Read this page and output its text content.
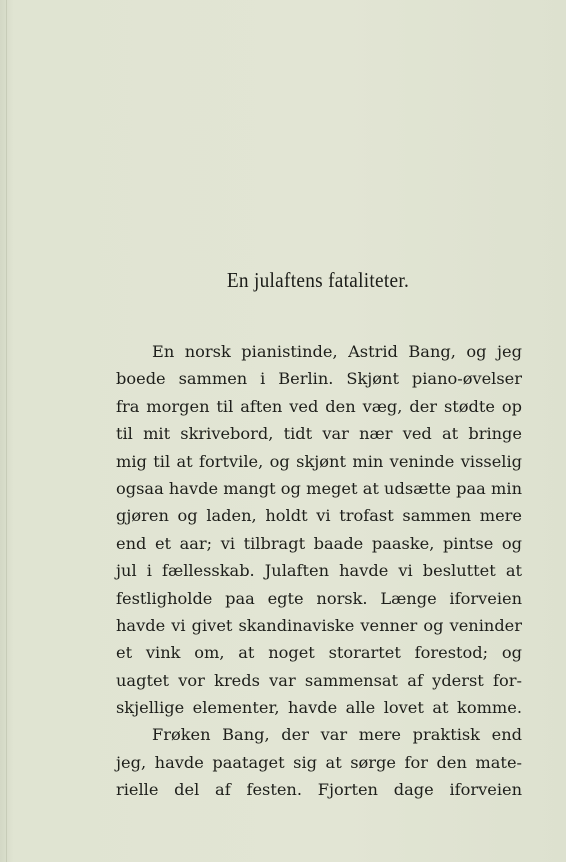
En julaftens fataliteter.
En norsk pianistinde, Astrid Bang, og jeg
boede sammen i Berlin. Skjønt piano-øvelser
fra morgen til aften ved den væg, der stødte op
til mit skrivebord, tidt var nær ved at bringe
mig til at fortvile, og skjønt min veninde visselig
ogsaa havde mangt og meget at udsætte paa min
gjøren og laden, holdt vi trofast sammen mere
end et aar; vi tilbragt baade paaske, pintse og
jul i fællesskab. Julaften havde vi besluttet at
festligholde paa egte norsk. Længe iforveien
havde vi givet skandinaviske venner og veninder
et vink om, at noget storartet forestod; og
uagtet vor kreds var sammensat af yderst for-
skjellige elementer, havde alle lovet at komme.
Frøken Bang, der var mere praktisk end
jeg, havde paataget sig at sørge for den mate-
rielle del af festen. Fjorten dage iforveien
